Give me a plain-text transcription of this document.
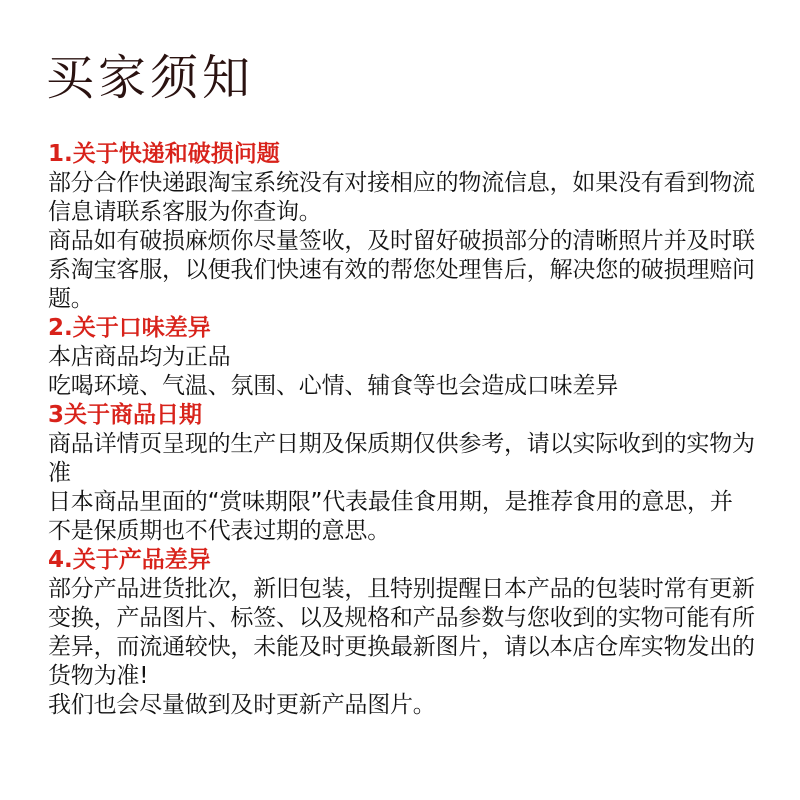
买家须知
1.关于快递和破损问题
部分合作快递跟淘宝系统没有对接相应的物流信息，如果没有看到物流
信息请联系客服为你查询。
商品如有破损麻烦你尽量签收，及时留好破损部分的清晰照片并及时联
系淘宝客服，以便我们快速有效的帮您处理售后，解决您的破损理赔问
题。
2.关于口味差异
本店商品均为正品
吃喝环境、气温、氛围、心情、辅食等也会造成口味差异
3关于商品日期
商品详情页呈现的生产日期及保质期仅供参考，请以实际收到的实物为
准
日本商品里面的“赏味期限”代表最佳食用期，是推荐食用的意思，并
不是保质期也不代表过期的意思。
4.关于产品差异
部分产品进货批次，新旧包装，且特别提醒日本产品的包装时常有更新
变换，产品图片、标签、以及规格和产品参数与您收到的实物可能有所
差异，而流通较快，未能及时更换最新图片，请以本店仓库实物发出的
货物为准!
我们也会尽量做到及时更新产品图片。
